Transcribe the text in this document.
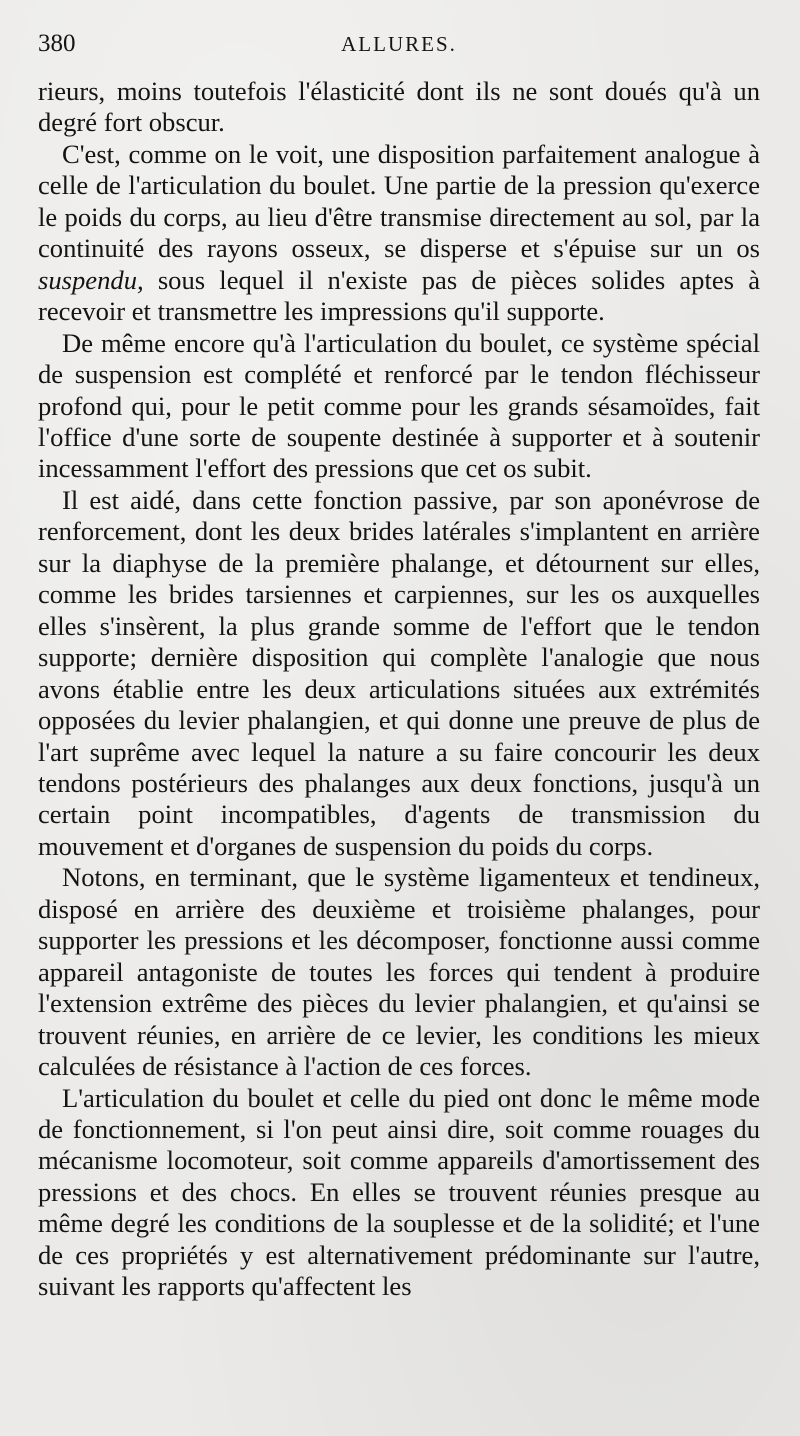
380	ALLURES.

rieurs, moins toutefois l'élasticité dont ils ne sont doués qu'à un degré fort obscur.

C'est, comme on le voit, une disposition parfaitement analogue à celle de l'articulation du boulet. Une partie de la pression qu'exerce le poids du corps, au lieu d'être transmise directement au sol, par la continuité des rayons osseux, se disperse et s'épuise sur un os suspendu, sous lequel il n'existe pas de pièces solides aptes à recevoir et transmettre les impressions qu'il supporte.

De même encore qu'à l'articulation du boulet, ce système spécial de suspension est complété et renforcé par le tendon fléchisseur profond qui, pour le petit comme pour les grands sésamoïdes, fait l'office d'une sorte de soupente destinée à supporter et à soutenir incessamment l'effort des pressions que cet os subit.

Il est aidé, dans cette fonction passive, par son aponévrose de renforcement, dont les deux brides latérales s'implantent en arrière sur la diaphyse de la première phalange, et détournent sur elles, comme les brides tarsiennes et carpiennes, sur les os auxquelles elles s'insèrent, la plus grande somme de l'effort que le tendon supporte; dernière disposition qui complète l'analogie que nous avons établie entre les deux articulations situées aux extrémités opposées du levier phalangien, et qui donne une preuve de plus de l'art suprême avec lequel la nature a su faire concourir les deux tendons postérieurs des phalanges aux deux fonctions, jusqu'à un certain point incompatibles, d'agents de transmission du mouvement et d'organes de suspension du poids du corps.

Notons, en terminant, que le système ligamenteux et tendineux, disposé en arrière des deuxième et troisième phalanges, pour supporter les pressions et les décomposer, fonctionne aussi comme appareil antagoniste de toutes les forces qui tendent à produire l'extension extrême des pièces du levier phalangien, et qu'ainsi se trouvent réunies, en arrière de ce levier, les conditions les mieux calculées de résistance à l'action de ces forces.

L'articulation du boulet et celle du pied ont donc le même mode de fonctionnement, si l'on peut ainsi dire, soit comme rouages du mécanisme locomoteur, soit comme appareils d'amortissement des pressions et des chocs. En elles se trouvent réunies presque au même degré les conditions de la souplesse et de la solidité; et l'une de ces propriétés y est alternativement prédominante sur l'autre, suivant les rapports qu'affectent les
